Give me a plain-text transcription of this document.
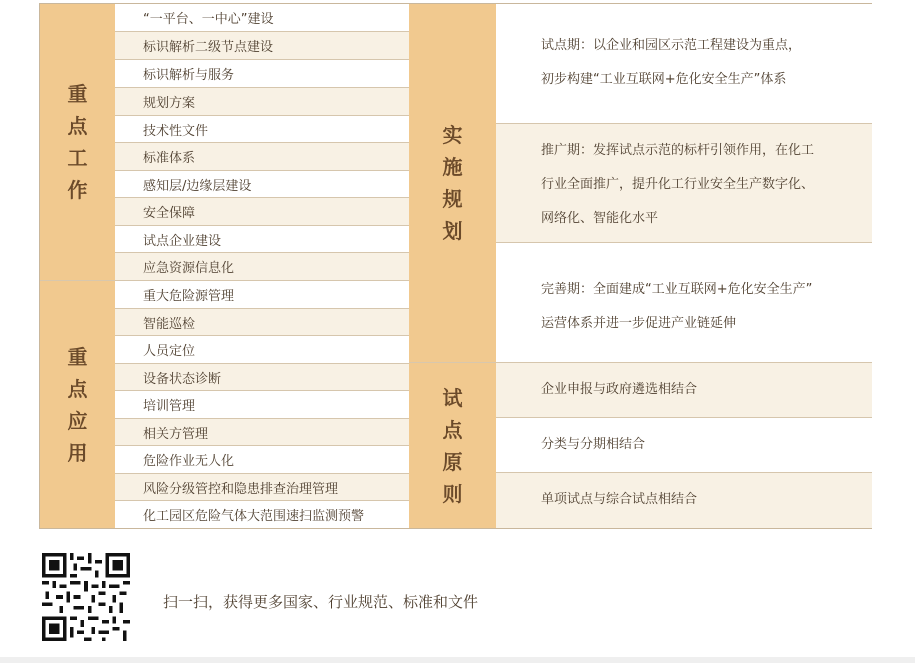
重
点
工
作
重
点
应
用
“一平台、一中心”建设
标识解析二级节点建设
标识解析与服务
规划方案
技术性文件
标准体系
感知层/边缘层建设
安全保障
试点企业建设
应急资源信息化
重大危险源管理
智能巡检
人员定位
设备状态诊断
培训管理
相关方管理
危险作业无人化
风险分级管控和隐患排查治理管理
化工园区危险气体大范围速扫监测预警
实
施
规
划
试
点
原
则
试点期：以企业和园区示范工程建设为重点，
初步构建“工业互联网+危化安全生产”体系
推广期：发挥试点示范的标杆引领作用，在化工
行业全面推广，提升化工行业安全生产数字化、
网络化、智能化水平
完善期：全面建成“工业互联网+危化安全生产”
运营体系并进一步促进产业链延伸
企业申报与政府遴选相结合
分类与分期相结合
单项试点与综合试点相结合
扫一扫，获得更多国家、行业规范、标准和文件
